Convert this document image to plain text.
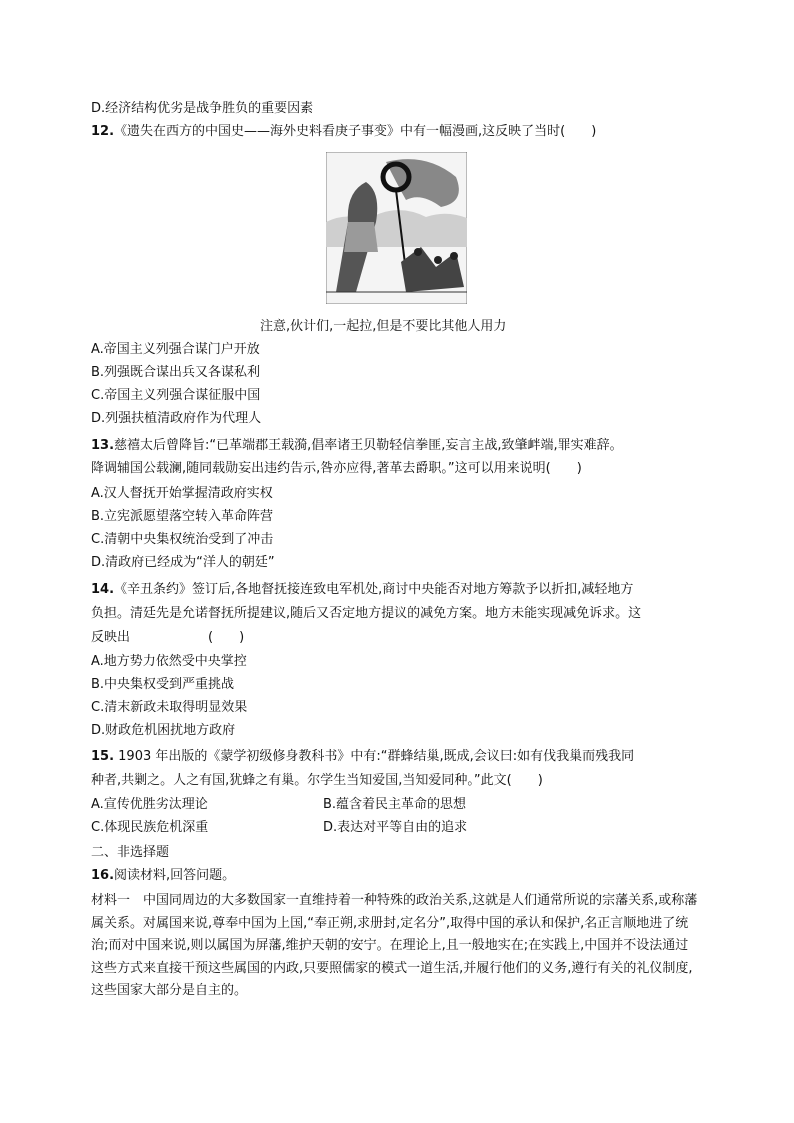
D.经济结构优劣是战争胜负的重要因素
12.《遗失在西方的中国史——海外史料看庚子事变》中有一幅漫画,这反映了当时(　　)
注意,伙计们,一起拉,但是不要比其他人用力
A.帝国主义列强合谋门户开放
B.列强既合谋出兵又各谋私利
C.帝国主义列强合谋征服中国
D.列强扶植清政府作为代理人
13.慈禧太后曾降旨:“已革端郡王载漪,倡率诸王贝勒轻信拳匪,妄言主战,致肇衅端,罪实难辞。
降调辅国公载澜,随同载勋妄出违约告示,咎亦应得,著革去爵职。”这可以用来说明(　　)
A.汉人督抚开始掌握清政府实权
B.立宪派愿望落空转入革命阵营
C.清朝中央集权统治受到了冲击
D.清政府已经成为“洋人的朝廷”
14.《辛丑条约》签订后,各地督抚接连致电军机处,商讨中央能否对地方筹款予以折扣,减轻地方
负担。清廷先是允诺督抚所提建议,随后又否定地方提议的减免方案。地方未能实现减免诉求。这
反映出　　　　　　(　　)
A.地方势力依然受中央掌控
B.中央集权受到严重挑战
C.清末新政未取得明显效果
D.财政危机困扰地方政府
15. 1903 年出版的《蒙学初级修身教科书》中有:“群蜂结巢,既成,会议曰:如有伐我巢而残我同
种者,共剿之。人之有国,犹蜂之有巢。尔学生当知爱国,当知爱同种。”此文(　　)
A.宣传优胜劣汰理论	B.蕴含着民主革命的思想
C.体现民族危机深重	D.表达对平等自由的追求
二、非选择题
16.阅读材料,回答问题。
材料一　中国同周边的大多数国家一直维持着一种特殊的政治关系,这就是人们通常所说的宗藩关系,或称藩属关系。对属国来说,尊奉中国为上国,“奉正朔,求册封,定名分”,取得中国的承认和保护,名正言顺地进了统治;而对中国来说,则以属国为屏藩,维护天朝的安宁。在理论上,且一般地实在;在实践上,中国并不设法通过这些方式来直接干预这些属国的内政,只要照儒家的模式一道生活,并履行他们的义务,遵行有关的礼仪制度,这些国家大部分是自主的。
